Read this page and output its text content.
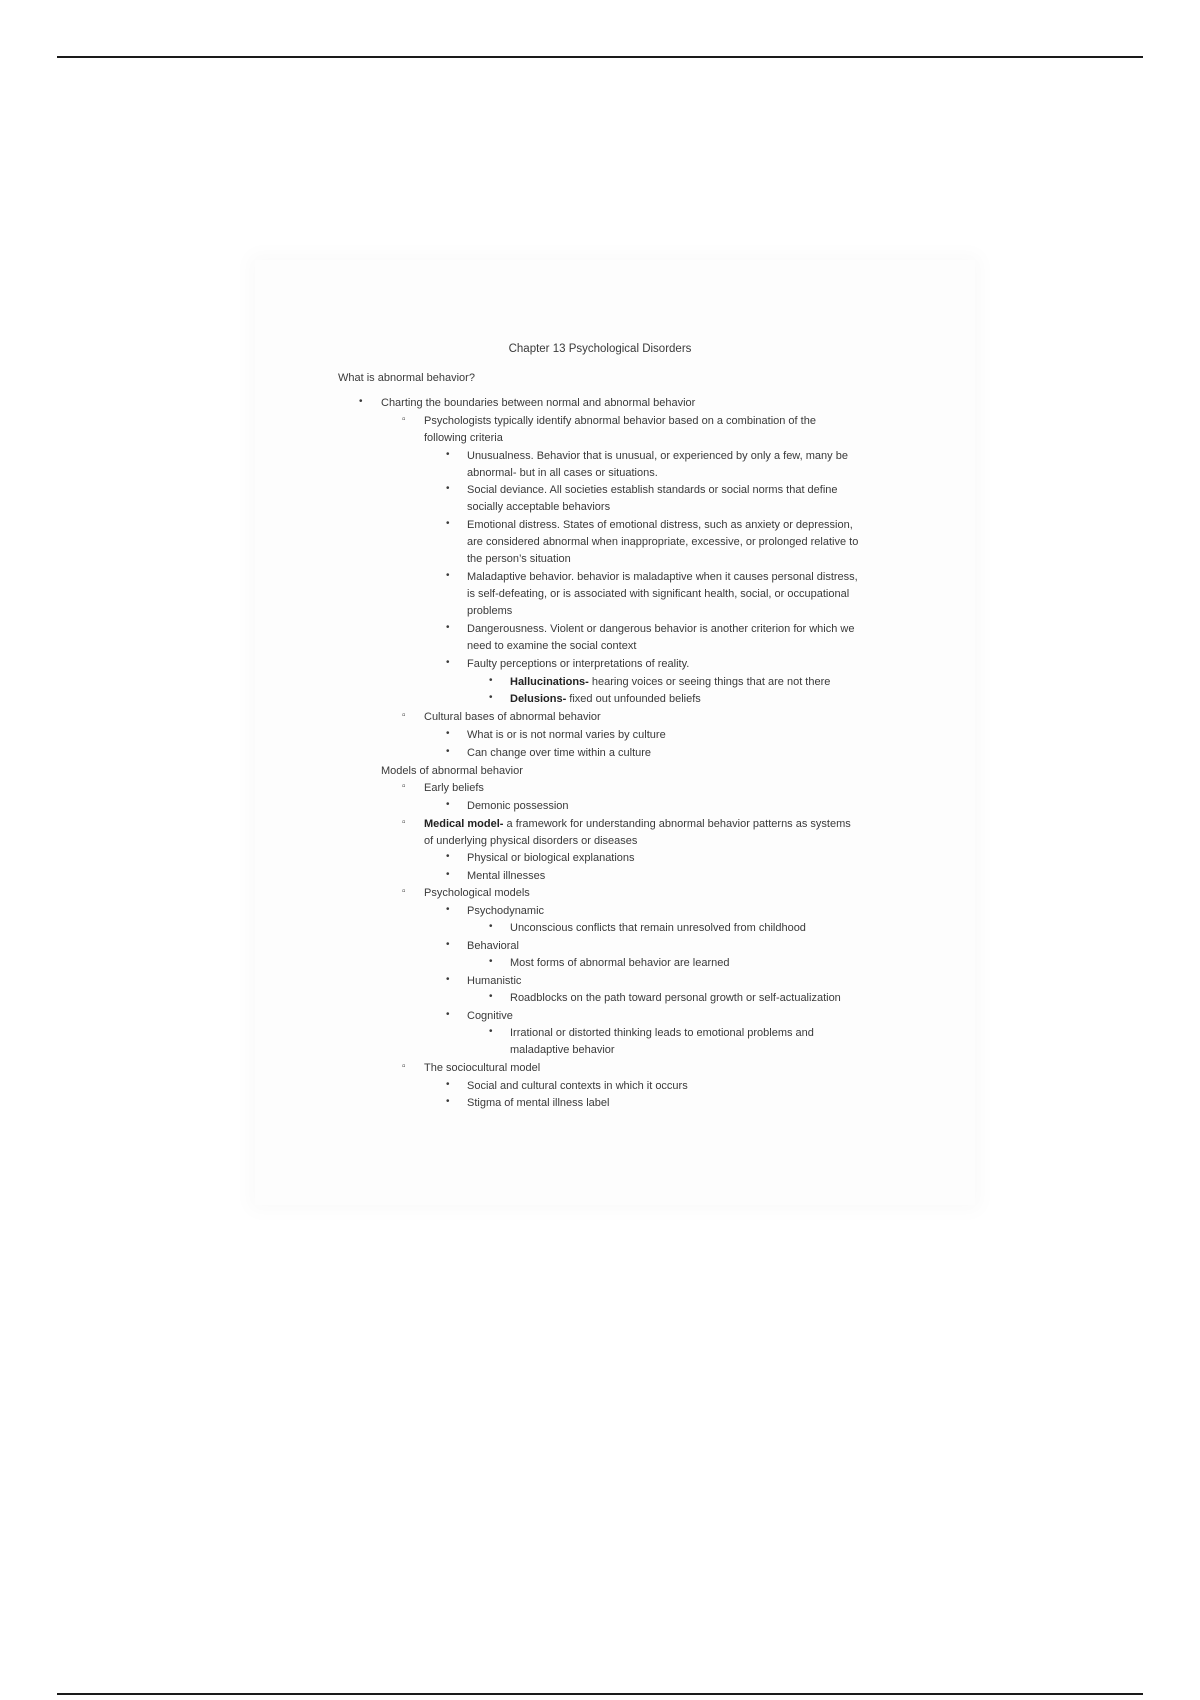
Chapter 13 Psychological Disorders
What is abnormal behavior?
• Charting the boundaries between normal and abnormal behavior
▫ Psychologists typically identify abnormal behavior based on a combination of the
following criteria
• Unusualness. Behavior that is unusual, or experienced by only a few, many be
abnormal- but in all cases or situations.
• Social deviance. All societies establish standards or social norms that define
socially acceptable behaviors
• Emotional distress. States of emotional distress, such as anxiety or depression,
are considered abnormal when inappropriate, excessive, or prolonged relative to
the person’s situation
• Maladaptive behavior. behavior is maladaptive when it causes personal distress,
is self-defeating, or is associated with significant health, social, or occupational
problems
• Dangerousness. Violent or dangerous behavior is another criterion for which we
need to examine the social context
• Faulty perceptions or interpretations of reality.
• Hallucinations- hearing voices or seeing things that are not there
• Delusions- fixed out unfounded beliefs
▫ Cultural bases of abnormal behavior
• What is or is not normal varies by culture
• Can change over time within a culture
Models of abnormal behavior
▫ Early beliefs
• Demonic possession
▫ Medical model- a framework for understanding abnormal behavior patterns as systems
of underlying physical disorders or diseases
• Physical or biological explanations
• Mental illnesses
▫ Psychological models
• Psychodynamic
• Unconscious conflicts that remain unresolved from childhood
• Behavioral
• Most forms of abnormal behavior are learned
• Humanistic
• Roadblocks on the path toward personal growth or self-actualization
• Cognitive
• Irrational or distorted thinking leads to emotional problems and
maladaptive behavior
▫ The sociocultural model
• Social and cultural contexts in which it occurs
• Stigma of mental illness label
